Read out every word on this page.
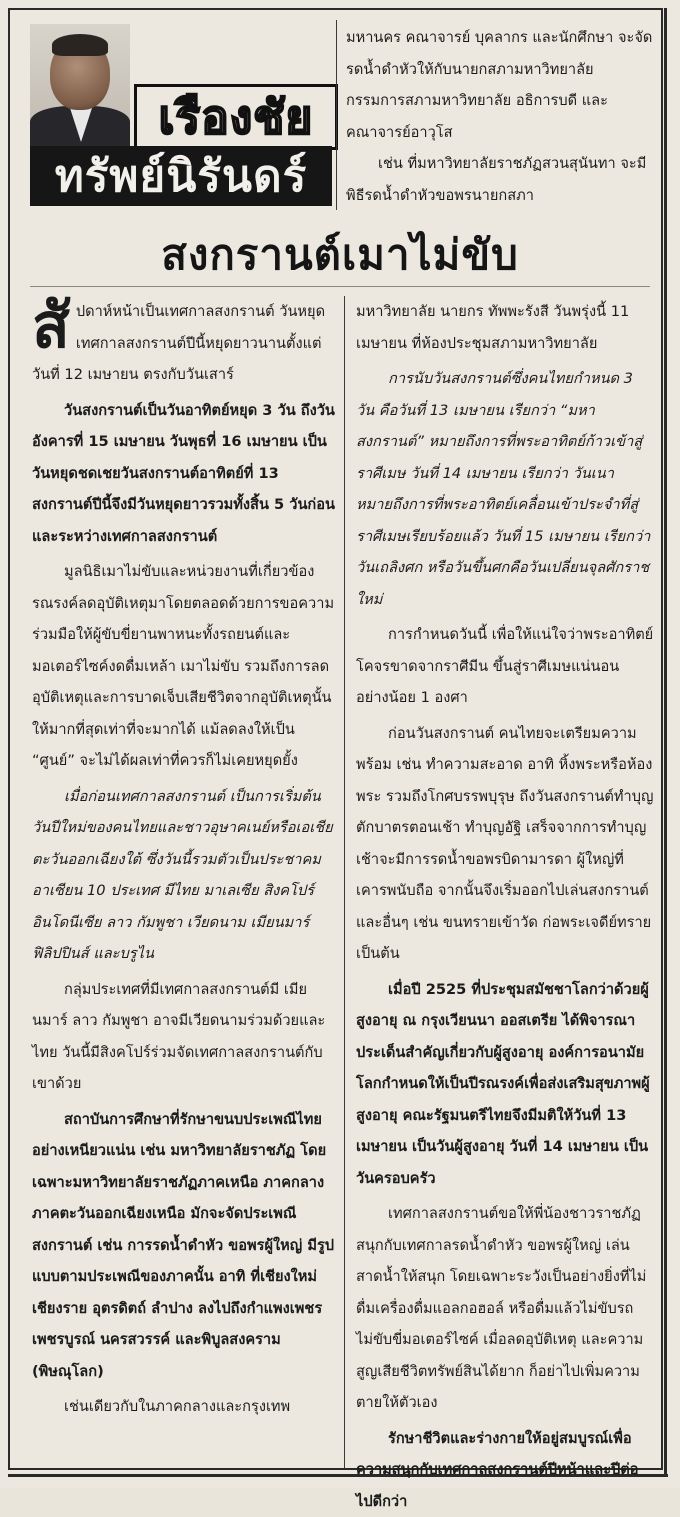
เรืองชัย
ทรัพย์นิรันดร์

มหานคร คณาจารย์ บุคลากร และนักศึกษา จะจัดรดน้ำดำหัวให้กับนายกสภามหาวิทยาลัย กรรมการสภามหาวิทยาลัย อธิการบดี และคณาจารย์อาวุโส

เช่น ที่มหาวิทยาลัยราชภัฏสวนสุนันทา จะมีพิธีรดน้ำดำหัวขอพรนายกสภา

สงกรานต์เมาไม่ขับ

สัปดาห์หน้าเป็นเทศกาลสงกรานต์ วันหยุดเทศกาลสงกรานต์ปีนี้หยุดยาวนานตั้งแต่วันที่ 12 เมษายน ตรงกับวันเสาร์

วันสงกรานต์เป็นวันอาทิตย์หยุด 3 วัน ถึงวันอังคารที่ 15 เมษายน วันพุธที่ 16 เมษายน เป็นวันหยุดชดเชยวันสงกรานต์อาทิตย์ที่ 13 สงกรานต์ปีนี้จึงมีวันหยุดยาวรวมทั้งสิ้น 5 วันก่อนและระหว่างเทศกาลสงกรานต์

มูลนิธิเมาไม่ขับและหน่วยงานที่เกี่ยวข้องรณรงค์ลดอุบัติเหตุมาโดยตลอดด้วยการขอความร่วมมือให้ผู้ขับขี่ยานพาหนะทั้งรถยนต์และมอเตอร์ไซค์งดดื่มเหล้า เมาไม่ขับ รวมถึงการลดอุบัติเหตุและการบาดเจ็บเสียชีวิตจากอุบัติเหตุนั้นให้มากที่สุดเท่าที่จะมากได้ แม้ลดลงให้เป็น “ศูนย์” จะไม่ได้ผลเท่าที่ควรก็ไม่เคยหยุดยั้ง

เมื่อก่อนเทศกาลสงกรานต์ เป็นการเริ่มต้นวันปีใหม่ของคนไทยและชาวอุษาคเนย์หรือเอเชียตะวันออกเฉียงใต้ ซึ่งวันนี้รวมตัวเป็นประชาคมอาเซียน 10 ประเทศ มีไทย มาเลเซีย สิงคโปร์ อินโดนีเซีย ลาว กัมพูชา เวียดนาม เมียนมาร์ ฟิลิปปินส์ และบรูไน

กลุ่มประเทศที่มีเทศกาลสงกรานต์มี เมียนมาร์ ลาว กัมพูชา อาจมีเวียดนามร่วมด้วยและไทย วันนี้มีสิงคโปร์ร่วมจัดเทศกาลสงกรานต์กับเขาด้วย

สถาบันการศึกษาที่รักษาขนบประเพณีไทยอย่างเหนียวแน่น เช่น มหาวิทยาลัยราชภัฏ โดยเฉพาะมหาวิทยาลัยราชภัฏภาคเหนือ ภาคกลาง ภาคตะวันออกเฉียงเหนือ มักจะจัดประเพณีสงกรานต์ เช่น การรดน้ำดำหัว ขอพรผู้ใหญ่ มีรูปแบบตามประเพณีของภาคนั้น อาทิ ที่เชียงใหม่ เชียงราย อุตรดิตถ์ ลำปาง ลงไปถึงกำแพงเพชร เพชรบูรณ์ นครสวรรค์ และพิบูลสงคราม (พิษณุโลก)

เช่นเดียวกับในภาคกลางและกรุงเทพ

มหาวิทยาลัย นายกร ทัพพะรังสี วันพรุ่งนี้ 11 เมษายน ที่ห้องประชุมสภามหาวิทยาลัย

การนับวันสงกรานต์ซึ่งคนไทยกำหนด 3 วัน คือวันที่ 13 เมษายน เรียกว่า “มหาสงกรานต์” หมายถึงการที่พระอาทิตย์ก้าวเข้าสู่ราศีเมษ วันที่ 14 เมษายน เรียกว่า วันเนา หมายถึงการที่พระอาทิตย์เคลื่อนเข้าประจำที่สู่ราศีเมษเรียบร้อยแล้ว วันที่ 15 เมษายน เรียกว่า วันเถลิงศก หรือวันขึ้นศกคือวันเปลี่ยนจุลศักราชใหม่

การกำหนดวันนี้ เพื่อให้แน่ใจว่าพระอาทิตย์โคจรขาดจากราศีมีน ขึ้นสู่ราศีเมษแน่นอน อย่างน้อย 1 องศา

ก่อนวันสงกรานต์ คนไทยจะเตรียมความพร้อม เช่น ทำความสะอาด อาทิ หิ้งพระหรือห้องพระ รวมถึงโกศบรรพบุรุษ ถึงวันสงกรานต์ทำบุญตักบาตรตอนเช้า ทำบุญอัฐิ เสร็จจากการทำบุญเช้าจะมีการรดน้ำขอพรบิดามารดา ผู้ใหญ่ที่เคารพนับถือ จากนั้นจึงเริ่มออกไปเล่นสงกรานต์ และอื่นๆ เช่น ขนทรายเข้าวัด ก่อพระเจดีย์ทราย เป็นต้น

เมื่อปี 2525 ที่ประชุมสมัชชาโลกว่าด้วยผู้สูงอายุ ณ กรุงเวียนนา ออสเตรีย ได้พิจารณาประเด็นสำคัญเกี่ยวกับผู้สูงอายุ องค์การอนามัยโลกกำหนดให้เป็นปีรณรงค์เพื่อส่งเสริมสุขภาพผู้สูงอายุ คณะรัฐมนตรีไทยจึงมีมติให้วันที่ 13 เมษายน เป็นวันผู้สูงอายุ วันที่ 14 เมษายน เป็นวันครอบครัว

เทศกาลสงกรานต์ขอให้พี่น้องชาวราชภัฏสนุกกับเทศกาลรดน้ำดำหัว ขอพรผู้ใหญ่ เล่นสาดน้ำให้สนุก โดยเฉพาะระวังเป็นอย่างยิ่งที่ไม่ดื่มเครื่องดื่มแอลกอฮอล์ หรือดื่มแล้วไม่ขับรถ ไม่ขับขี่มอเตอร์ไซค์ เมื่อลดอุบัติเหตุ และความสูญเสียชีวิตทรัพย์สินได้ยาก ก็อย่าไปเพิ่มความตายให้ตัวเอง

รักษาชีวิตและร่างกายให้อยู่สมบูรณ์เพื่อความสนุกกับเทศกาลสงกรานต์ปีหน้าและปีต่อไปดีกว่า
